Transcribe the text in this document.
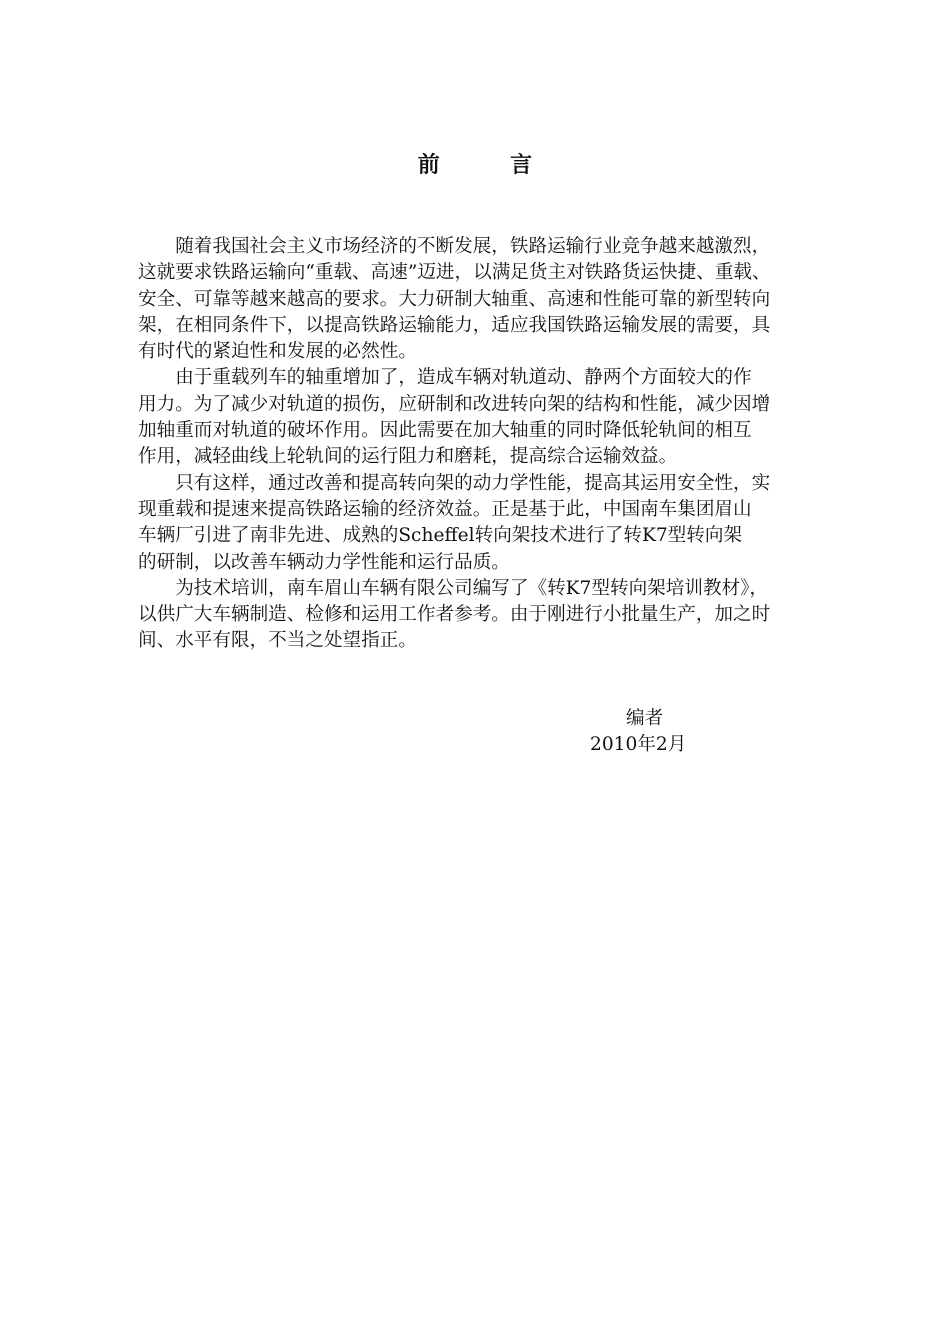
前　言

随着我国社会主义市场经济的不断发展，铁路运输行业竞争越来越激烈，
这就要求铁路运输向“重载、高速”迈进，以满足货主对铁路货运快捷、重载、
安全、可靠等越来越高的要求。大力研制大轴重、高速和性能可靠的新型转向
架，在相同条件下，以提高铁路运输能力，适应我国铁路运输发展的需要，具
有时代的紧迫性和发展的必然性。

由于重载列车的轴重增加了，造成车辆对轨道动、静两个方面较大的作
用力。为了减少对轨道的损伤，应研制和改进转向架的结构和性能，减少因增
加轴重而对轨道的破坏作用。因此需要在加大轴重的同时降低轮轨间的相互
作用，减轻曲线上轮轨间的运行阻力和磨耗，提高综合运输效益。

只有这样，通过改善和提高转向架的动力学性能，提高其运用安全性，实
现重载和提速来提高铁路运输的经济效益。正是基于此，中国南车集团眉山
车辆厂引进了南非先进、成熟的Scheffel转向架技术进行了转K7型转向架
的研制，以改善车辆动力学性能和运行品质。

为技术培训，南车眉山车辆有限公司编写了《转K7型转向架培训教材》，
以供广大车辆制造、检修和运用工作者参考。由于刚进行小批量生产，加之时
间、水平有限，不当之处望指正。

编者
2010年2月
